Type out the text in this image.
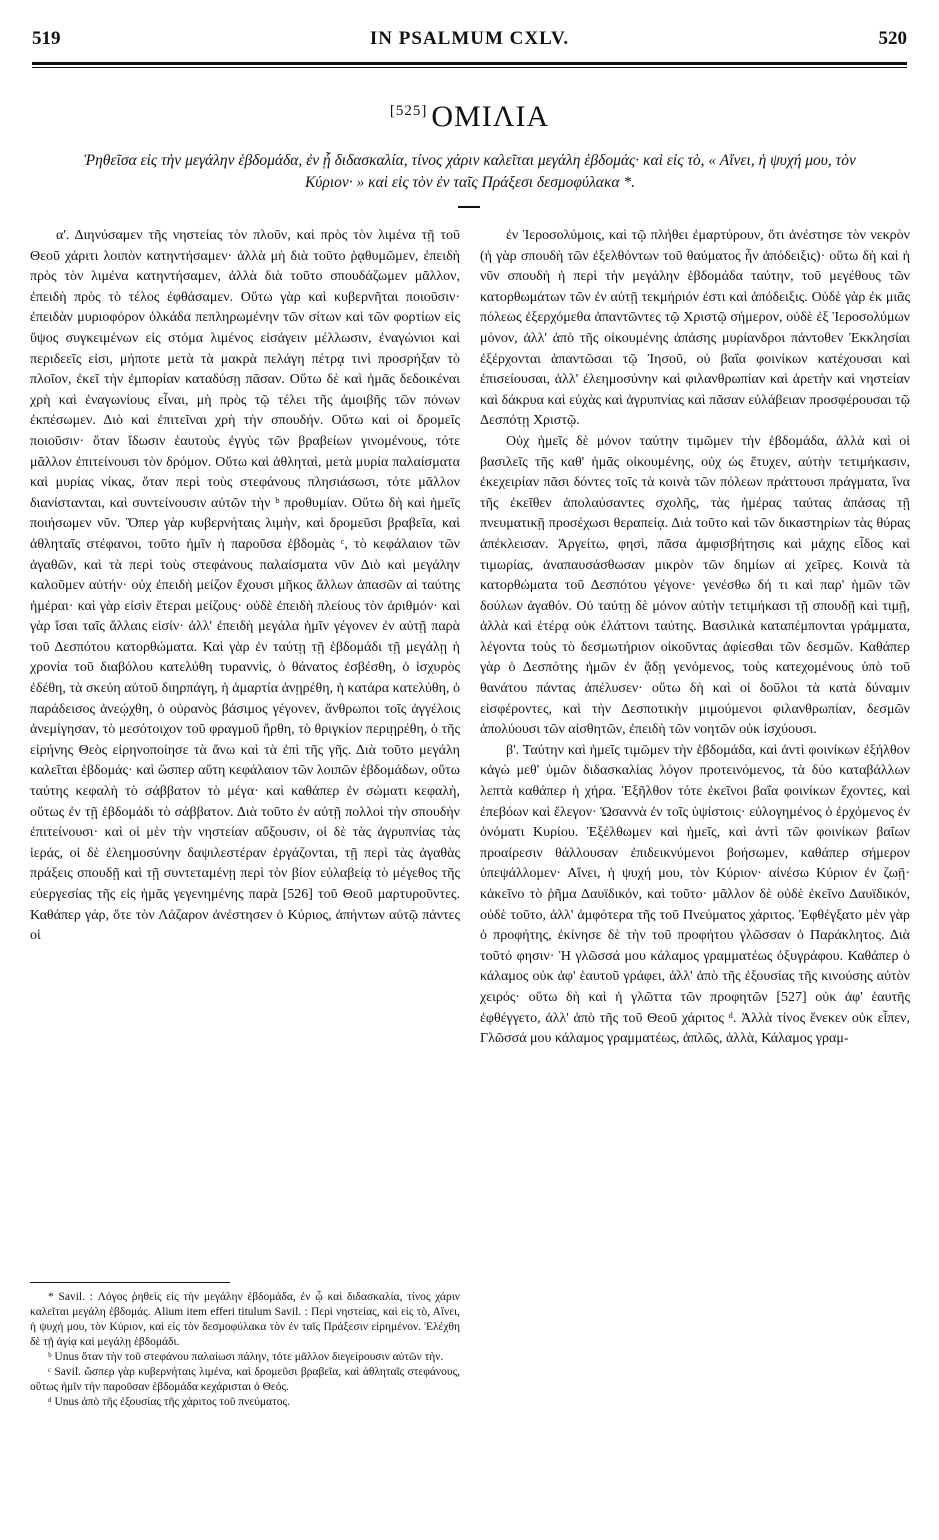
519	IN PSALMUM CXLV.	520
[525] ΟΜΙΛΙΑ
Ῥηθεῖσα εἰς τὴν μεγάλην ἑβδομάδα, ἐν ᾗ διδασκαλία, τίνος χάριν καλεῖται μεγάλη ἑβδομάς· καὶ εἰς τὸ, « Αἴνει, ἡ ψυχή μου, τὸν Κύριον· » καὶ εἰς τὸν ἐν ταῖς Πράξεσι δεσμοφύλακα *.

α'. Διηνύσαμεν τῆς νηστείας τὸν πλοῦν, καὶ πρὸς τὸν λιμένα τῇ τοῦ Θεοῦ χάριτι λοιπὸν κατηντήσαμεν· ἀλλὰ μὴ διὰ τοῦτο ῥᾳθυμῶμεν, ἐπειδὴ πρὸς τὸν λιμένα κατηντήσαμεν, ἀλλὰ διὰ τοῦτο σπουδάζωμεν μᾶλλον, ἐπειδὴ πρὸς τὸ τέλος ἐφθάσαμεν. Οὕτω γὰρ καὶ κυβερνῆται ποιοῦσιν· ἐπειδὰν μυριοφόρον ὁλκάδα πεπληρωμένην τῶν σίτων καὶ τῶν φορτίων εἰς ὕψος συγκειμένων εἰς στόμα λιμένος εἰσάγειν μέλλωσιν, ἐναγώνιοι καὶ περιδεεῖς εἰσι, μήποτε μετὰ τὰ μακρὰ πελάγη πέτρᾳ τινὶ προσρήξαν τὸ πλοῖον, ἐκεῖ τὴν ἐμπορίαν καταδύσῃ πᾶσαν. Οὕτω δὲ καὶ ἡμᾶς δεδοικέναι χρὴ καὶ ἐναγωνίους εἶναι, μὴ πρὸς τῷ τέλει τῆς ἀμοιβῆς τῶν πόνων ἐκπέσωμεν. Διὸ καὶ ἐπιτεῖναι χρὴ τὴν σπουδήν. Οὕτω καὶ οἱ δρομεῖς ποιοῦσιν· ὅταν ἴδωσιν ἑαυτοὺς ἐγγὺς τῶν βραβείων γινομένους, τότε μᾶλλον ἐπιτείνουσι τὸν δρόμον. Οὕτω καὶ ἀθληταὶ, μετὰ μυρία παλαίσματα καὶ μυρίας νίκας, ὅταν περὶ τοὺς στεφάνους πλησιάσωσι, τότε μᾶλλον διανίστανται, καὶ συντείνουσιν αὐτῶν τὴν ᵇ προθυμίαν. Οὕτω δὴ καὶ ἡμεῖς ποιήσωμεν νῦν. Ὅπερ γὰρ κυβερνήταις λιμὴν, καὶ δρομεῦσι βραβεῖα, καὶ ἀθληταῖς στέφανοι, τοῦτο ἡμῖν ἡ παροῦσα ἑβδομὰς ᶜ, τὸ κεφάλαιον τῶν ἀγαθῶν, καὶ τὰ περὶ τοὺς στεφάνους παλαίσματα νῦν Διὸ καὶ μεγάλην καλοῦμεν αὐτήν· οὐχ ἐπειδὴ μείζον ἔχουσι μῆκος ἄλλων ἁπασῶν αἱ ταύτης ἡμέραι· καὶ γὰρ εἰσὶν ἕτεραι μείζους· οὐδὲ ἐπειδὴ πλείους τὸν ἀριθμόν· καὶ γὰρ ἴσαι ταῖς ἄλλαις εἰσίν· ἀλλ' ἐπειδὴ μεγάλα ἡμῖν γέγονεν ἐν αὐτῇ παρὰ τοῦ Δεσπότου κατορθώματα. Καὶ γὰρ ἐν ταύτῃ τῇ ἑβδομάδι τῇ μεγάλῃ ἡ χρονία τοῦ διαβόλου κατελύθη τυραννὶς, ὁ θάνατος ἐσβέσθη, ὁ ἰσχυρὸς ἐδέθη, τὰ σκεύη αὐτοῦ διηρπάγη, ἡ ἁμαρτία ἀνῃρέθη, ἡ κατάρα κατελύθη, ὁ παράδεισος ἀνεῴχθη, ὁ οὐρανὸς βάσιμος γέγονεν, ἄνθρωποι τοῖς ἀγγέλοις ἀνεμίγησαν, τὸ μεσότοιχον τοῦ φραγμοῦ ἤρθη, τὸ θριγκίον περιῃρέθη, ὁ τῆς εἰρήνης Θεὸς εἰρηνοποίησε τὰ ἄνω καὶ τὰ ἐπὶ τῆς γῆς. Διὰ τοῦτο μεγάλη καλεῖται ἑβδομάς· καὶ ὥσπερ αὕτη κεφάλαιον τῶν λοιπῶν ἑβδομάδων, οὕτω ταύτης κεφαλὴ τὸ σάββατον τὸ μέγα· καὶ καθάπερ ἐν σώματι κεφαλὴ, οὕτως ἐν τῇ ἑβδομάδι τὸ σάββατον. Διὰ τοῦτο ἐν αὐτῇ πολλοὶ τὴν σπουδὴν ἐπιτείνουσι· καὶ οἱ μὲν τὴν νηστείαν αὔξουσιν, οἱ δὲ τὰς ἀγρυπνίας τὰς ἱεράς, οἱ δὲ ἐλεημοσύνην δαψιλεστέραν ἐργάζονται, τῇ περὶ τὰς ἀγαθὰς πράξεις σπουδῇ καὶ τῇ συντεταμένῃ περὶ τὸν βίον εὐλαβείᾳ τὸ μέγεθος τῆς εὐεργεσίας τῆς εἰς ἡμᾶς γεγενημένης παρὰ [526] τοῦ Θεοῦ μαρτυροῦντες. Καθάπερ γάρ, ὅτε τὸν Λάζαρον ἀνέστησεν ὁ Κύριος, ἀπήντων αὐτῷ πάντες οἱ

ἐν Ἱεροσολύμοις, καὶ τῷ πλήθει ἐμαρτύρουν, ὅτι ἀνέστησε τὸν νεκρὸν (ἡ γὰρ σπουδὴ τῶν ἐξελθόντων τοῦ θαύματος ἦν ἀπόδειξις)· οὕτω δὴ καὶ ἡ νῦν σπουδὴ ἡ περὶ τὴν μεγάλην ἑβδομάδα ταύτην, τοῦ μεγέθους τῶν κατορθωμάτων τῶν ἐν αὐτῇ τεκμήριόν ἐστι καὶ ἀπόδειξις. Οὐδὲ γὰρ ἐκ μιᾶς πόλεως ἐξερχόμεθα ἀπαντῶντες τῷ Χριστῷ σήμερον, οὐδὲ ἐξ Ἱεροσολύμων μόνον, ἀλλ' ἀπὸ τῆς οἰκουμένης ἁπάσης μυρίανδροι πάντοθεν Ἐκκλησίαι ἐξέρχονται ἀπαντῶσαι τῷ Ἰησοῦ, οὐ βαΐα φοινίκων κατέχουσαι καὶ ἐπισείουσαι, ἀλλ' ἐλεημοσύνην καὶ φιλανθρωπίαν καὶ ἀρετὴν καὶ νηστείαν καὶ δάκρυα καὶ εὐχὰς καὶ ἀγρυπνίας καὶ πᾶσαν εὐλάβειαν προσφέρουσαι τῷ Δεσπότῃ Χριστῷ.

Οὐχ ἡμεῖς δὲ μόνον ταύτην τιμῶμεν τὴν ἑβδομάδα, ἀλλὰ καὶ οἱ βασιλεῖς τῆς καθ' ἡμᾶς οἰκουμένης, οὐχ ὡς ἔτυχεν, αὐτὴν τετιμήκασιν, ἐκεχειρίαν πᾶσι δόντες τοῖς τὰ κοινὰ τῶν πόλεων πράττουσι πράγματα, ἵνα τῆς ἐκεῖθεν ἀπολαύσαντες σχολῆς, τὰς ἡμέρας ταύτας ἁπάσας τῇ πνευματικῇ προσέχωσι θεραπείᾳ. Διὰ τοῦτο καὶ τῶν δικαστηρίων τὰς θύρας ἀπέκλεισαν. Ἀργείτω, φησὶ, πᾶσα ἀμφισβήτησις καὶ μάχης εἶδος καὶ τιμωρίας, ἀναπαυσάσθωσαν μικρὸν τῶν δημίων αἱ χεῖρες. Κοινὰ τὰ κατορθώματα τοῦ Δεσπότου γέγονε· γενέσθω δή τι καὶ παρ' ἡμῶν τῶν δούλων ἀγαθόν. Οὐ ταύτῃ δὲ μόνον αὐτὴν τετιμήκασι τῇ σπουδῇ καὶ τιμῇ, ἀλλὰ καὶ ἑτέρᾳ οὐκ ἐλάττονι ταύτης. Βασιλικὰ καταπέμπονται γράμματα, λέγοντα τοὺς τὸ δεσμωτήριον οἰκοῦντας ἀφίεσθαι τῶν δεσμῶν. Καθάπερ γὰρ ὁ Δεσπότης ἡμῶν ἐν ᾅδῃ γενόμενος, τοὺς κατεχομένους ὑπὸ τοῦ θανάτου πάντας ἀπέλυσεν· οὕτω δὴ καὶ οἱ δοῦλοι τὰ κατὰ δύναμιν εἰσφέροντες, καὶ τὴν Δεσποτικὴν μιμούμενοι φιλανθρωπίαν, δεσμῶν ἀπολύουσι τῶν αἰσθητῶν, ἐπειδὴ τῶν νοητῶν οὐκ ἰσχύουσι.

β'. Ταύτην καὶ ἡμεῖς τιμῶμεν τὴν ἑβδομάδα, καὶ ἀντὶ φοινίκων ἐξήλθον κἀγὼ μεθ' ὑμῶν διδασκαλίας λόγον προτεινόμενος, τὰ δύο καταβάλλων λεπτὰ καθάπερ ἡ χήρα. Ἐξῆλθον τότε ἐκεῖνοι βαΐα φοινίκων ἔχοντες, καὶ ἐπεβόων καὶ ἔλεγον· Ὡσαννὰ ἐν τοῖς ὑψίστοις· εὐλογημένος ὁ ἐρχόμενος ἐν ὀνόματι Κυρίου. Ἐξέλθωμεν καὶ ἡμεῖς, καὶ ἀντὶ τῶν φοινίκων βαΐων προαίρεσιν θάλλουσαν ἐπιδεικνύμενοι βοήσωμεν, καθάπερ σήμερον ὑπεψάλλομεν· Αἴνει, ἡ ψυχή μου, τὸν Κύριον· αἰνέσω Κύριον ἐν ζωῇ· κἀκεῖνο τὸ ῥῆμα Δαυϊδικόν, καὶ τοῦτο· μᾶλλον δὲ οὐδὲ ἐκεῖνο Δαυϊδικόν, οὐδὲ τοῦτο, ἀλλ' ἀμφότερα τῆς τοῦ Πνεύματος χάριτος. Ἐφθέγξατο μὲν γὰρ ὁ προφήτης, ἐκίνησε δὲ τὴν τοῦ προφήτου γλῶσσαν ὁ Παράκλητος. Διὰ τοῦτό φησιν· Ἡ γλῶσσά μου κάλαμος γραμματέως ὀξυγράφου. Καθάπερ ὁ κάλαμος οὐκ ἀφ' ἑαυτοῦ γράφει, ἀλλ' ἀπὸ τῆς ἐξουσίας τῆς κινούσης αὐτὸν χειρός· οὕτω δὴ καὶ ἡ γλῶττα τῶν προφητῶν [527] οὐκ ἀφ' ἑαυτῆς ἐφθέγγετο, ἀλλ' ἀπὸ τῆς τοῦ Θεοῦ χάριτος ᵈ. Ἀλλὰ τίνος ἕνεκεν οὐκ εἶπεν, Γλῶσσά μου κάλαμος γραμματέως, ἁπλῶς, ἀλλὰ, Κάλαμος γραμ-

* Savil. : Λόγος ῥηθεὶς εἰς τὴν μεγάλην ἑβδομάδα, ἐν ᾧ καὶ διδασκαλία, τίνος χάριν καλεῖται μεγάλη ἑβδομάς. Alium item efferi titulum Savil. : Περὶ νηστείας, καὶ εἰς τὸ, Αἴνει, ἡ ψυχή μου, τὸν Κύριον, καὶ εἰς τὸν δεσμοφύλακα τὸν ἐν ταῖς Πράξεσιν εἰρημένον. Ἐλέχθη δὲ τῇ ἁγίᾳ καὶ μεγάλῃ ἑβδομάδι.

ᵇ Unus ὅταν τὴν τοῦ στεφάνου παλαίωσι πάλην, τότε μᾶλλον διεγείρουσιν αὐτῶν τὴν.

ᶜ Savil. ὥσπερ γὰρ κυβερνήταις λιμένα, καὶ δρομεῦσι βραβεῖα, καὶ ἀθληταῖς στεφάνους, οὕτως ἡμῖν τὴν παροῦσαν ἑβδομάδα κεχάρισται ὁ Θεός.

ᵈ Unus ἀπὸ τῆς ἐξουσίας τῆς χάριτος τοῦ πνεύματος.
